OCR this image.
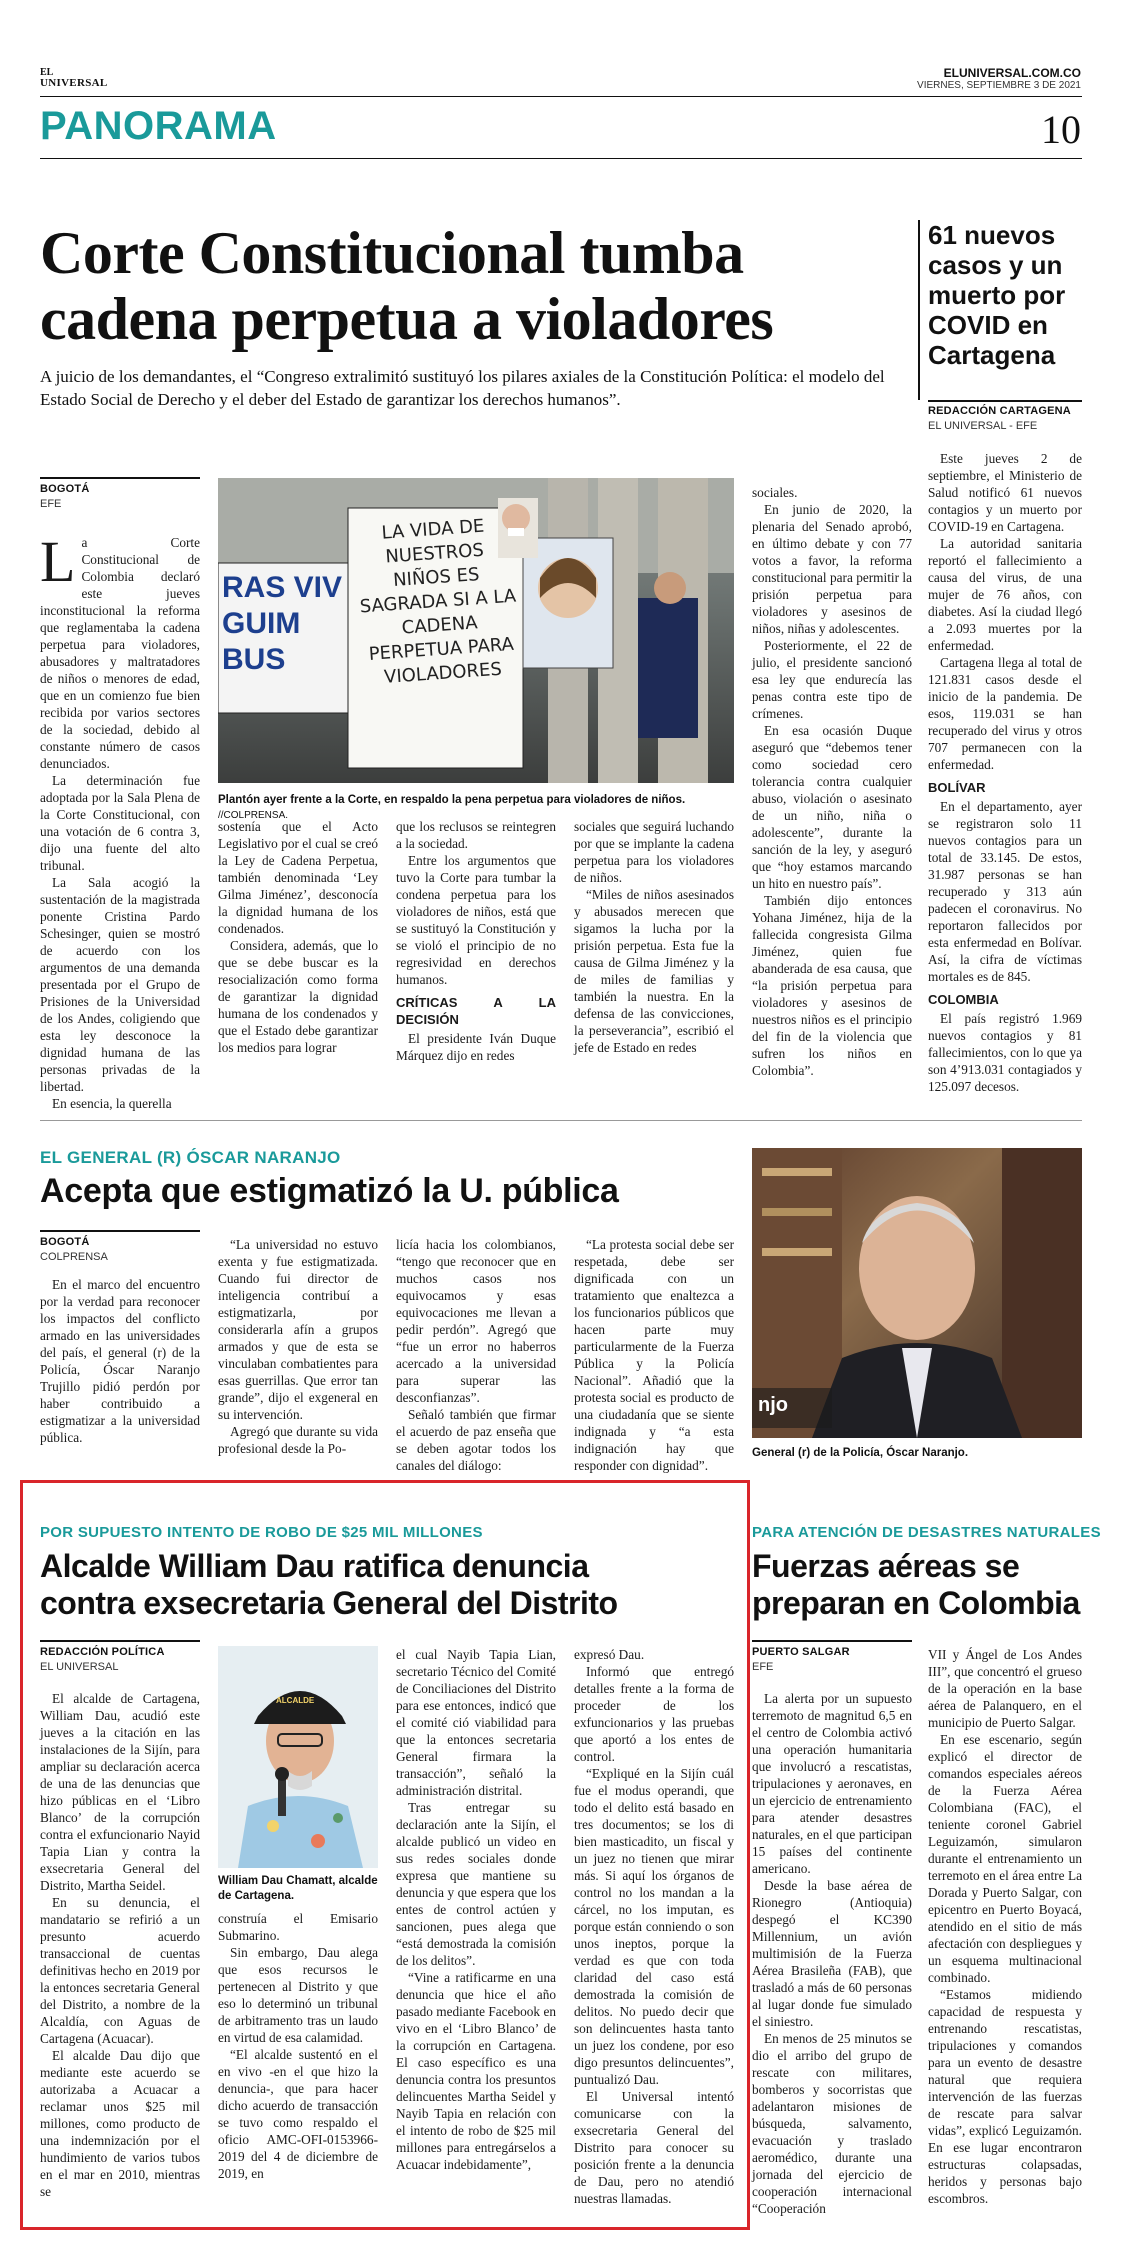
EL
UNIVERSAL
ELUNIVERSAL.COM.CO
VIERNES, SEPTIEMBRE 3 DE 2021
PANORAMA	10
Corte Constitucional tumba
cadena perpetua a violadores
A juicio de los demandantes, el “Congreso extralimitó sustituyó los pilares axiales de la Constitución Política: el modelo del Estado Social de Derecho y el deber del Estado de garantizar los derechos humanos”.
BOGOTÁ
EFE
RAS VIV GUIM BUS
LA VIDA DE NUESTROS NIÑOS ES SAGRADA SI A LA CADENA PERPETUA PARA VIOLADORES
Plantón ayer frente a la Corte, en respaldo la pena perpetua para violadores de niños. //COLPRENSA.
L a Corte Constitucional de Colombia declaró este jueves inconstitucional la reforma que reglamentaba la cadena perpetua para violadores, abusadores y maltratadores de niños o menores de edad, que en un comienzo fue bien recibida por varios sectores de la sociedad, debido al constante número de casos denunciados.

La determinación fue adoptada por la Sala Plena de la Corte Constitucional, con una votación de 6 contra 3, dijo una fuente del alto tribunal.

La Sala acogió la sustentación de la magistrada ponente Cristina Pardo Schesinger, quien se mostró de acuerdo con los argumentos de una demanda presentada por el Grupo de Prisiones de la Universidad de los Andes, coligiendo que esta ley desconoce la dignidad humana de las personas privadas de la libertad.

En esencia, la querella

sostenía que el Acto Legislativo por el cual se creó la Ley de Cadena Perpetua, también denominada ‘Ley Gilma Jiménez’, desconocía la dignidad humana de los condenados.

Considera, además, que lo que se debe buscar es la resocialización como forma de garantizar la dignidad humana de los condenados y que el Estado debe garantizar los medios para lograr

que los reclusos se reintegren a la sociedad.

Entre los argumentos que tuvo la Corte para tumbar la condena perpetua para los violadores de niños, está que se sustituyó la Constitución y se violó el principio de no regresividad en derechos humanos.

CRÍTICAS A LA DECISIÓN

El presidente Iván Duque Márquez dijo en redes

sociales que seguirá luchando por que se implante la cadena perpetua para los violadores de niños.

“Miles de niños asesinados y abusados merecen que sigamos la lucha por la prisión perpetua. Esta fue la causa de Gilma Jiménez y la de miles de familias y también la nuestra. En la defensa de las convicciones, la perseverancia”, escribió el jefe de Estado en redes

sociales.

En junio de 2020, la plenaria del Senado aprobó, en último debate y con 77 votos a favor, la reforma constitucional para permitir la prisión perpetua para violadores y asesinos de niños, niñas y adolescentes.

Posteriormente, el 22 de julio, el presidente sancionó esa ley que endurecía las penas contra este tipo de crímenes.

En esa ocasión Duque aseguró que “debemos tener como sociedad cero tolerancia contra cualquier abuso, violación o asesinato de un niño, niña o adolescente”, durante la sanción de la ley, y aseguró que “hoy estamos marcando un hito en nuestro país”.

También dijo entonces Yohana Jiménez, hija de la fallecida congresista Gilma Jiménez, quien fue abanderada de esa causa, que “la prisión perpetua para violadores y asesinos de nuestros niños es el principio del fin de la violencia que sufren los niños en Colombia”.

61 nuevos casos y un muerto por COVID en Cartagena
REDACCIÓN CARTAGENA
EL UNIVERSAL - EFE

Este jueves 2 de septiembre, el Ministerio de Salud notificó 61 nuevos contagios y un muerto por COVID-19 en Cartagena.

La autoridad sanitaria reportó el fallecimiento a causa del virus, de una mujer de 76 años, con diabetes. Así la ciudad llegó a 2.093 muertes por la enfermedad.

Cartagena llega al total de 121.831 casos desde el inicio de la pandemia. De esos, 119.031 se han recuperado del virus y otros 707 permanecen con la enfermedad.

BOLÍVAR

En el departamento, ayer se registraron solo 11 nuevos contagios para un total de 33.145. De estos, 31.987 personas se han recuperado y 313 aún padecen el coronavirus. No reportaron fallecidos por esta enfermedad en Bolívar. Así, la cifra de víctimas mortales es de 845.

COLOMBIA

El país registró 1.969 nuevos contagios y 81 fallecimientos, con lo que ya son 4’913.031 contagiados y 125.097 decesos.

EL GENERAL (R) ÓSCAR NARANJO
Acepta que estigmatizó la U. pública
BOGOTÁ
COLPRENSA

En el marco del encuentro por la verdad para reconocer los impactos del conflicto armado en las universidades del país, el general (r) de la Policía, Óscar Naranjo Trujillo pidió perdón por haber contribuido a estigmatizar a la universidad pública.

“La universidad no estuvo exenta y fue estigmatizada. Cuando fui director de inteligencia contribuí a estigmatizarla, por considerarla afín a grupos armados y que de esta se vinculaban combatientes para esas guerrillas. Que error tan grande”, dijo el exgeneral en su intervención.

Agregó que durante su vida profesional desde la Po-

licía hacia los colombianos, “tengo que reconocer que en muchos casos nos equivocamos y esas equivocaciones me llevan a pedir perdón”. Agregó que “fue un error no haberros acercado a la universidad para superar las desconfianzas”.

Señaló también que firmar el acuerdo de paz enseña que se deben agotar todos los canales del diálogo:

“La protesta social debe ser respetada, debe ser dignificada con un tratamiento que enaltezca a los funcionarios públicos que hacen parte muy particularmente de la Fuerza Pública y la Policía Nacional”. Añadió que la protesta social es producto de una ciudadanía que se siente indignada y “a esta indignación hay que responder con dignidad”.

njo
General (r) de la Policía, Óscar Naranjo.
POR SUPUESTO INTENTO DE ROBO DE $25 MIL MILLONES
Alcalde William Dau ratifica denuncia
contra exsecretaria General del Distrito
REDACCIÓN POLÍTICA
EL UNIVERSAL

El alcalde de Cartagena, William Dau, acudió este jueves a la citación en las instalaciones de la Sijín, para ampliar su declaración acerca de una de las denuncias que hizo públicas en el ‘Libro Blanco’ de la corrupción contra el exfuncionario Nayid Tapia Lian y contra la exsecretaria General del Distrito, Martha Seidel.

En su denuncia, el mandatario se refirió a un presunto acuerdo transaccional de cuentas definitivas hecho en 2019 por la entonces secretaria General del Distrito, a nombre de la Alcaldía, con Aguas de Cartagena (Acuacar).

El alcalde Dau dijo que mediante este acuerdo se autorizaba a Acuacar a reclamar unos $25 mil millones, como producto de una indemnización por el hundimiento de varios tubos en el mar en 2010, mientras se

ALCALDE
William Dau Chamatt, alcalde de Cartagena.

construía el Emisario Submarino.

Sin embargo, Dau alega que esos recursos le pertenecen al Distrito y que eso lo determinó un tribunal de arbitramento tras un laudo en virtud de esa calamidad.

“El alcalde sustentó en el en vivo -en el que hizo la denuncia-, que para hacer dicho acuerdo de transacción se tuvo como respaldo el oficio AMC-OFI-0153966-2019 del 4 de diciembre de 2019, en

el cual Nayib Tapia Lian, secretario Técnico del Comité de Conciliaciones del Distrito para ese entonces, indicó que el comité ció viabilidad para que la entonces secretaria General firmara la transacción”, señaló la administración distrital.

Tras entregar su declaración ante la Sijín, el alcalde publicó un video en sus redes sociales donde expresa que mantiene su denuncia y que espera que los entes de control actúen y sancionen, pues alega que “está demostrada la comisión de los delitos”.

“Vine a ratificarme en una denuncia que hice el año pasado mediante Facebook en vivo en el ‘Libro Blanco’ de la corrupción en Cartagena. El caso específico es una denuncia contra los presuntos delincuentes Martha Seidel y Nayib Tapia en relación con el intento de robo de $25 mil millones para entregárselos a Acuacar indebidamente”,

expresó Dau.

Informó que entregó detalles frente a la forma de proceder de los exfuncionarios y las pruebas que aportó a los entes de control.

“Expliqué en la Sijín cuál fue el modus operandi, que todo el delito está basado en tres documentos; se los di bien masticadito, un fiscal y un juez no tienen que mirar más. Si aquí los órganos de control no los mandan a la cárcel, no los imputan, es porque están conniendo o son unos ineptos, porque la verdad es que con toda claridad del caso está demostrada la comisión de delitos. No puedo decir que son delincuentes hasta tanto un juez los condene, por eso digo presuntos delincuentes”, puntualizó Dau.

El Universal intentó comunicarse con la exsecretaria General del Distrito para conocer su posición frente a la denuncia de Dau, pero no atendió nuestras llamadas.

PARA ATENCIÓN DE DESASTRES NATURALES
Fuerzas aéreas se
preparan en Colombia
PUERTO SALGAR
EFE

La alerta por un supuesto terremoto de magnitud 6,5 en el centro de Colombia activó una operación humanitaria que involucró a rescatistas, tripulaciones y aeronaves, en un ejercicio de entrenamiento para atender desastres naturales, en el que participan 15 países del continente americano.

Desde la base aérea de Rionegro (Antioquia) despegó el KC390 Millennium, un avión multimisión de la Fuerza Aérea Brasileña (FAB), que trasladó a más de 60 personas al lugar donde fue simulado el siniestro.

En menos de 25 minutos se dio el arribo del grupo de rescate con militares, bomberos y socorristas que adelantaron misiones de búsqueda, salvamento, evacuación y traslado aeromédico, durante una jornada del ejercicio de cooperación internacional “Cooperación

VII y Ángel de Los Andes III”, que concentró el grueso de la operación en la base aérea de Palanquero, en el municipio de Puerto Salgar.

En ese escenario, según explicó el director de comandos especiales aéreos de la Fuerza Aérea Colombiana (FAC), el teniente coronel Gabriel Leguizamón, simularon durante el entrenamiento un terremoto en el área entre La Dorada y Puerto Salgar, con epicentro en Puerto Boyacá, atendido en el sitio de más afectación con despliegues y un esquema multinacional combinado.

“Estamos midiendo capacidad de respuesta y entrenando rescatistas, tripulaciones y comandos para un evento de desastre natural que requiera intervención de las fuerzas de rescate para salvar vidas”, explicó Leguizamón. En ese lugar encontraron estructuras colapsadas, heridos y personas bajo escombros.
